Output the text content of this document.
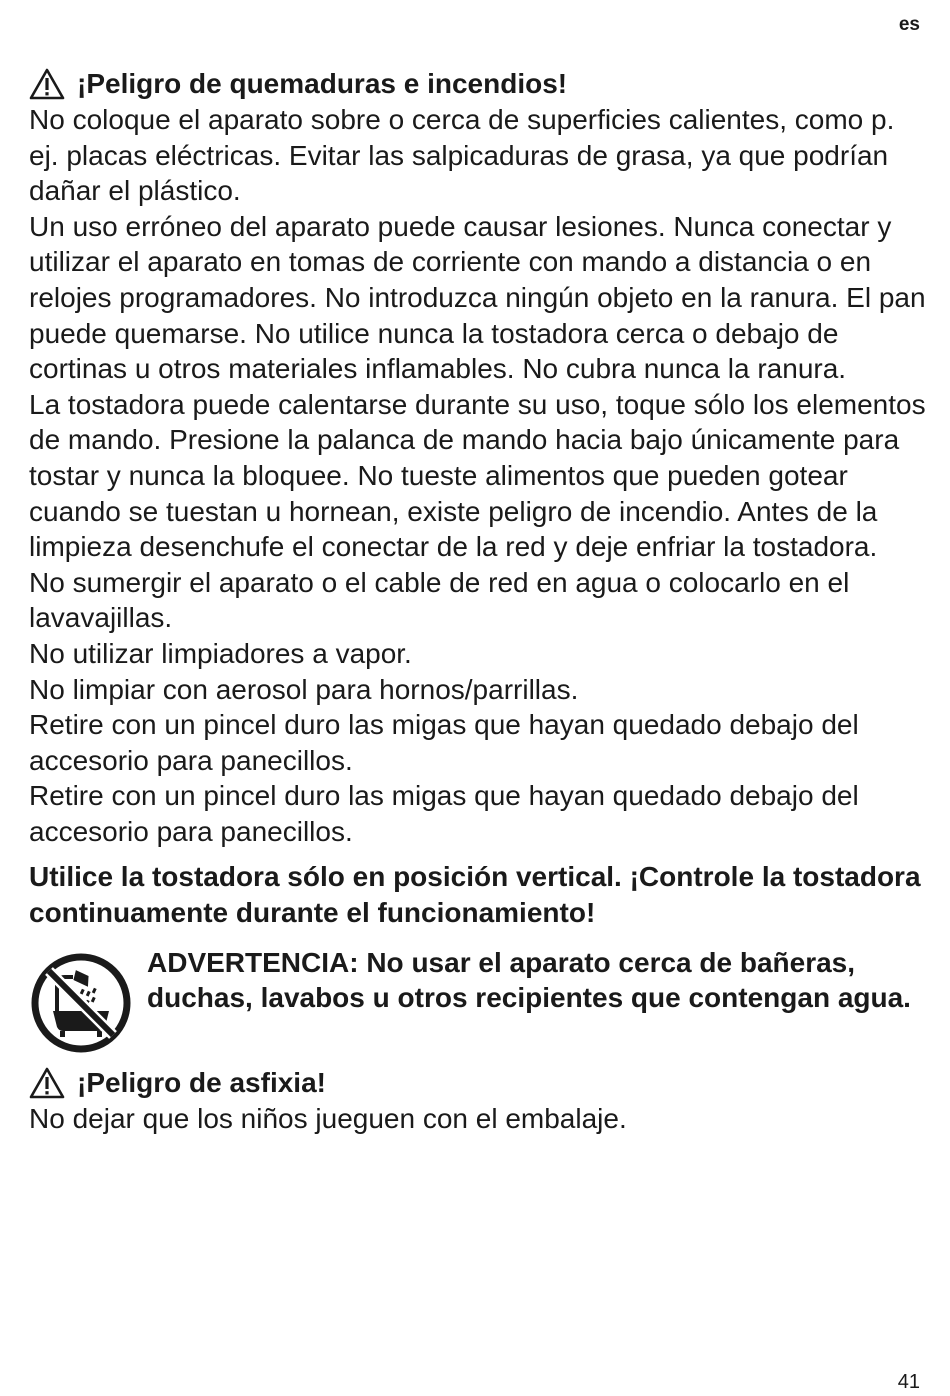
es
¡Peligro de quemaduras e incendios!

No coloque el aparato sobre o cerca de superficies calientes, como p. ej. placas eléctricas. Evitar las salpicaduras de grasa, ya que podrían dañar el plástico.

Un uso erróneo del aparato puede causar lesiones. Nunca conectar y utilizar el aparato en tomas de corriente con mando a distancia o en relojes programadores. No introduzca ningún objeto en la ranura. El pan puede quemarse. No utilice nunca la tostadora cerca o debajo de cortinas u otros materiales inflamables. No cubra nunca la ranura.

La tostadora puede calentarse durante su uso, toque sólo los elementos de mando. Presione la palanca de mando hacia bajo únicamente para tostar y nunca la bloquee. No tueste alimentos que pueden gotear cuando se tuestan u hornean, existe peligro de incendio. Antes de la limpieza desenchufe el conectar de la red y deje enfriar la tostadora.

No sumergir el aparato o el cable de red en agua o colocarlo en el lavavajillas.

No utilizar limpiadores a vapor.

No limpiar con aerosol para hornos/parrillas.

Retire con un pincel duro las migas que hayan quedado debajo del accesorio para panecillos.

Retire con un pincel duro las migas que hayan quedado debajo del accesorio para panecillos.

Utilice la tostadora sólo en posición vertical. ¡Controle la tostadora continuamente durante el funcionamiento!

ADVERTENCIA: No usar el aparato cerca de bañeras, duchas, lavabos u otros recipientes que contengan agua.

¡Peligro de asfixia!

No dejar que los niños jueguen con el embalaje.

41
